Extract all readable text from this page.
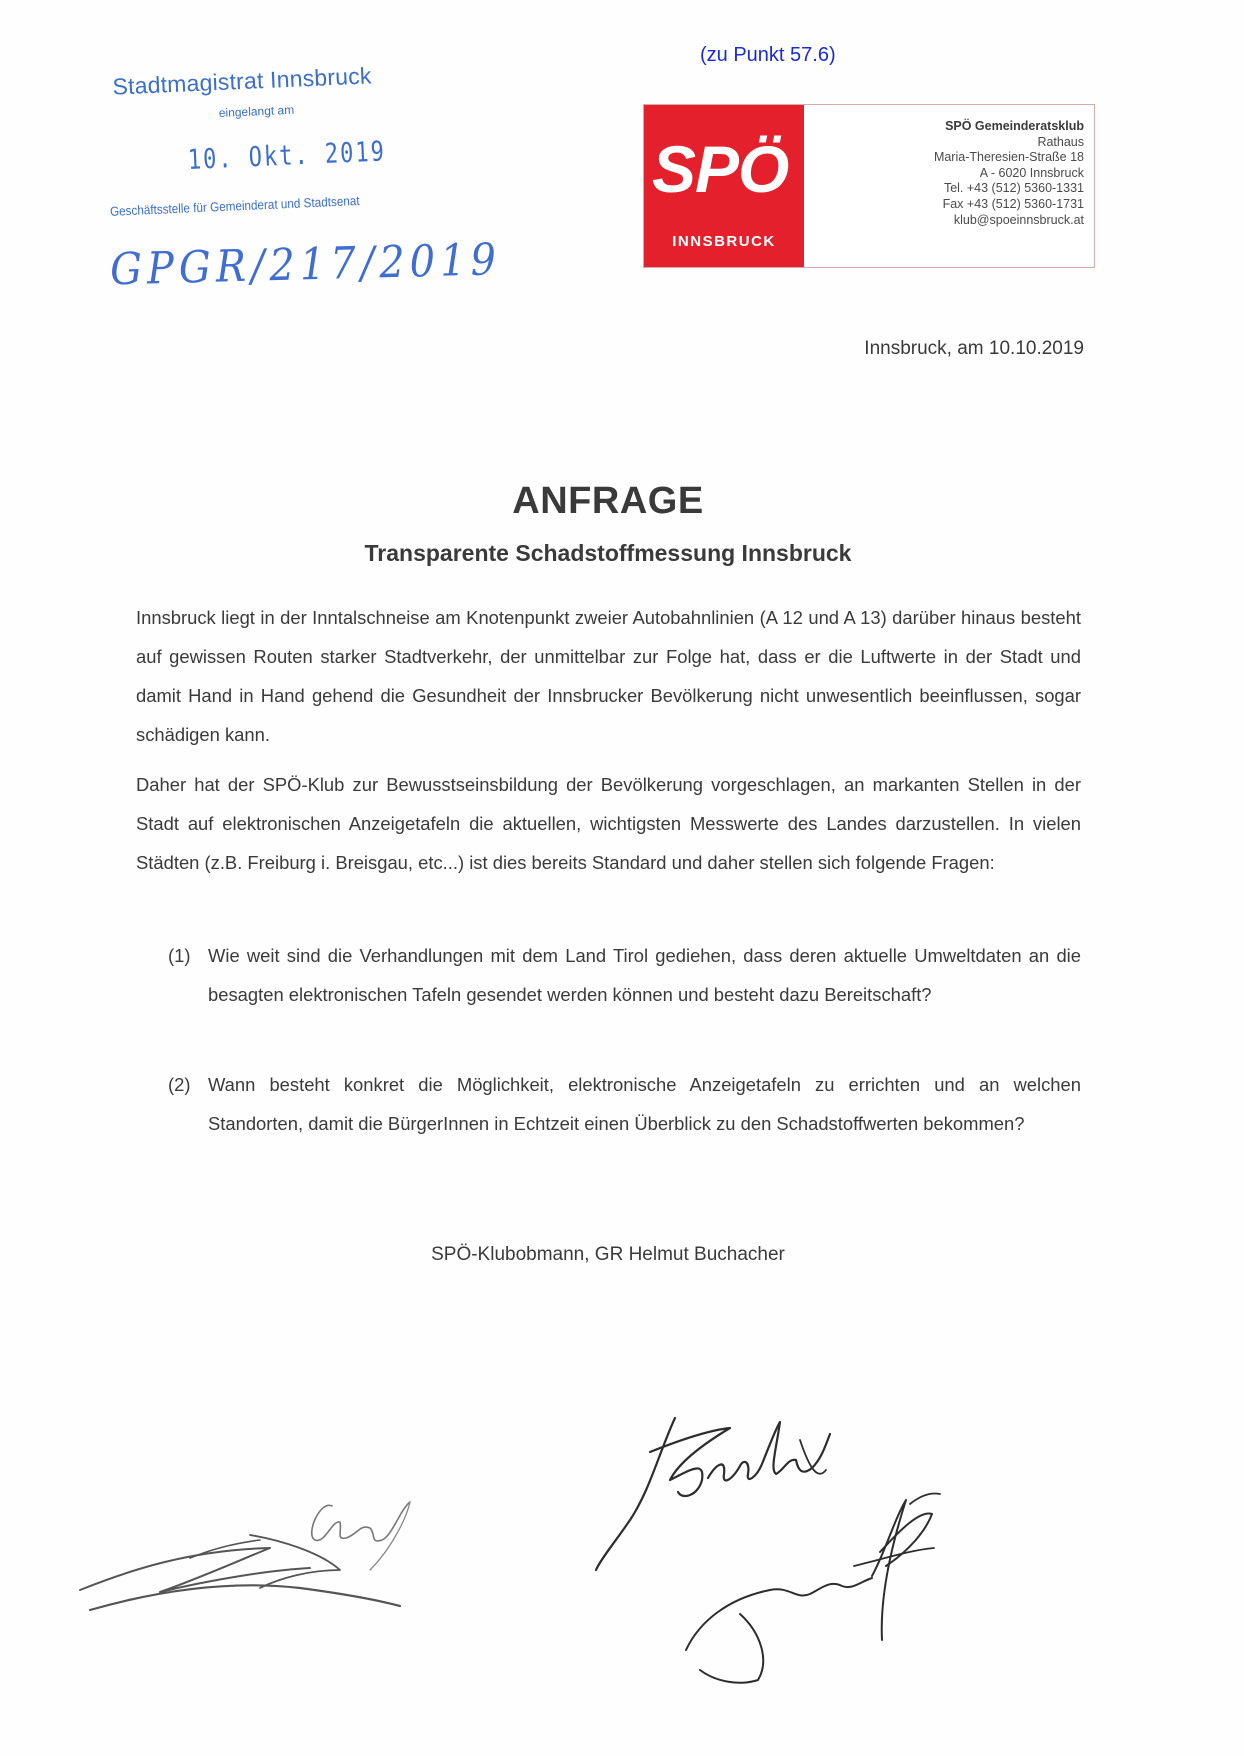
(zu Punkt 57.6)
Stadtmagistrat Innsbruck
eingelangt am
10. Okt. 2019
Geschäftsstelle für Gemeinderat und Stadtsenat
GPGR/217/2019
SPÖ
INNSBRUCK
SPÖ Gemeinderatsklub
Rathaus
Maria-Theresien-Straße 18
A - 6020 Innsbruck
Tel. +43 (512) 5360-1331
Fax +43 (512) 5360-1731
klub@spoeinnsbruck.at
Innsbruck, am 10.10.2019
ANFRAGE
Transparente Schadstoffmessung Innsbruck
Innsbruck liegt in der Inntalschneise am Knotenpunkt zweier Autobahnlinien (A 12 und A 13) darüber hinaus besteht auf gewissen Routen starker Stadtverkehr, der unmittelbar zur Folge hat, dass er die Luftwerte in der Stadt und damit Hand in Hand gehend die Gesundheit der Innsbrucker Bevölkerung nicht unwesentlich beeinflussen, sogar schädigen kann.
Daher hat der SPÖ-Klub zur Bewusstseinsbildung der Bevölkerung vorgeschlagen, an markanten Stellen in der Stadt auf elektronischen Anzeigetafeln die aktuellen, wichtigsten Messwerte des Landes darzustellen. In vielen Städten (z.B. Freiburg i. Breisgau, etc...) ist dies bereits Standard und daher stellen sich folgende Fragen:
(1) Wie weit sind die Verhandlungen mit dem Land Tirol gediehen, dass deren aktuelle Umweltdaten an die besagten elektronischen Tafeln gesendet werden können und besteht dazu Bereitschaft?
(2) Wann besteht konkret die Möglichkeit, elektronische Anzeigetafeln zu errichten und an welchen Standorten, damit die BürgerInnen in Echtzeit einen Überblick zu den Schadstoffwerten bekommen?
SPÖ-Klubobmann, GR Helmut Buchacher
